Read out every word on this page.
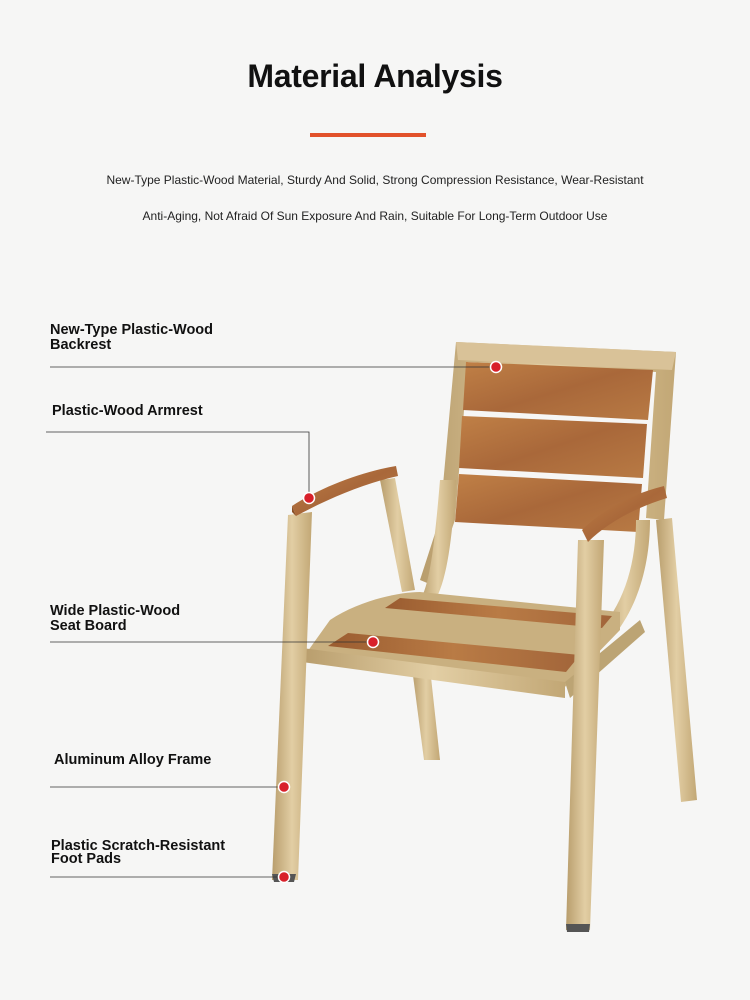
Material Analysis
New-Type Plastic-Wood Material, Sturdy And Solid, Strong Compression Resistance, Wear-Resistant
Anti-Aging, Not Afraid Of Sun Exposure And Rain, Suitable For Long-Term Outdoor Use
New-Type Plastic-Wood
Backrest
Plastic-Wood Armrest
Wide Plastic-Wood
Seat Board
Aluminum Alloy Frame
Plastic Scratch-Resistant
Foot Pads
